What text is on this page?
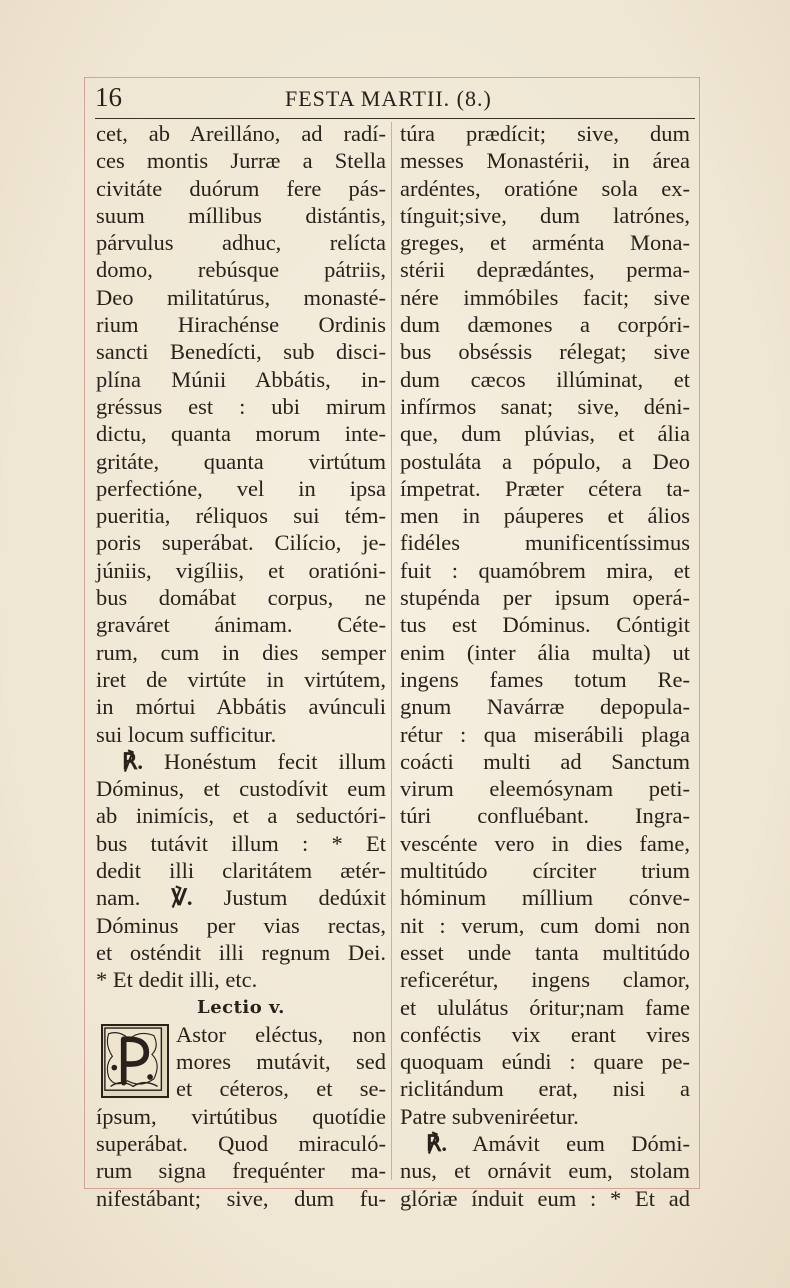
16	FESTA MARTII. (8.)
cet, ab Areilláno, ad radí-
ces montis Jurræ a Stella
civitáte duórum fere pás-
suum míllibus distántis,
párvulus adhuc, relícta
domo, rebúsque pátriis,
Deo militatúrus, monasté-
rium Hirachénse Ordinis
sancti Benedícti, sub disci-
plína Múnii Abbátis, in-
gréssus est : ubi mirum
dictu, quanta morum inte-
gritáte, quanta virtútum
perfectióne, vel in ipsa
pueritia, réliquos sui tém-
poris superábat. Cilício, je-
júniis, vigíliis, et oratióni-
bus domábat corpus, ne
graváret ánimam. Céte-
rum, cum in dies semper
iret de virtúte in virtútem,
in mórtui Abbátis avúnculi
sui locum sufficitur.
℟. Honéstum fecit illum
Dóminus, et custodívit eum
ab inimícis, et a seductóri-
bus tutávit illum : * Et
dedit illi claritátem ætér-
nam. ℣. Justum dedúxit
Dóminus per vias rectas,
et osténdit illi regnum Dei.
* Et dedit illi, etc.
Lectio v.
Astor eléctus, non
mores mutávit, sed
et céteros, et se-
ípsum, virtútibus quotídie
superábat. Quod miraculó-
rum signa frequénter ma-
nifestábant; sive, dum fu-
túra prædícit; sive, dum
messes Monastérii, in área
ardéntes, oratióne sola ex-
tínguit;sive, dum latrónes,
greges, et arménta Mona-
stérii deprædántes, perma-
nére immóbiles facit; sive
dum dæmones a corpóri-
bus obséssis rélegat; sive
dum cæcos illúminat, et
infírmos sanat; sive, déni-
que, dum plúvias, et ália
postuláta a pópulo, a Deo
ímpetrat. Præter cétera ta-
men in páuperes et álios
fidéles munificentíssimus
fuit : quamóbrem mira, et
stupénda per ipsum operá-
tus est Dóminus. Cóntigit
enim (inter ália multa) ut
ingens fames totum Re-
gnum Navárræ depopula-
rétur : qua miserábili plaga
coácti multi ad Sanctum
virum eleemósynam peti-
túri confluébant. Ingra-
vescénte vero in dies fame,
multitúdo círciter trium
hóminum míllium cónve-
nit : verum, cum domi non
esset unde tanta multitúdo
reficerétur, ingens clamor,
et ululátus óritur;nam fame
conféctis vix erant vires
quoquam eúndi : quare pe-
riclitándum erat, nisi a
Patre subveniréetur.
℟. Amávit eum Dómi-
nus, et ornávit eum, stolam
glóriæ índuit eum : * Et ad
